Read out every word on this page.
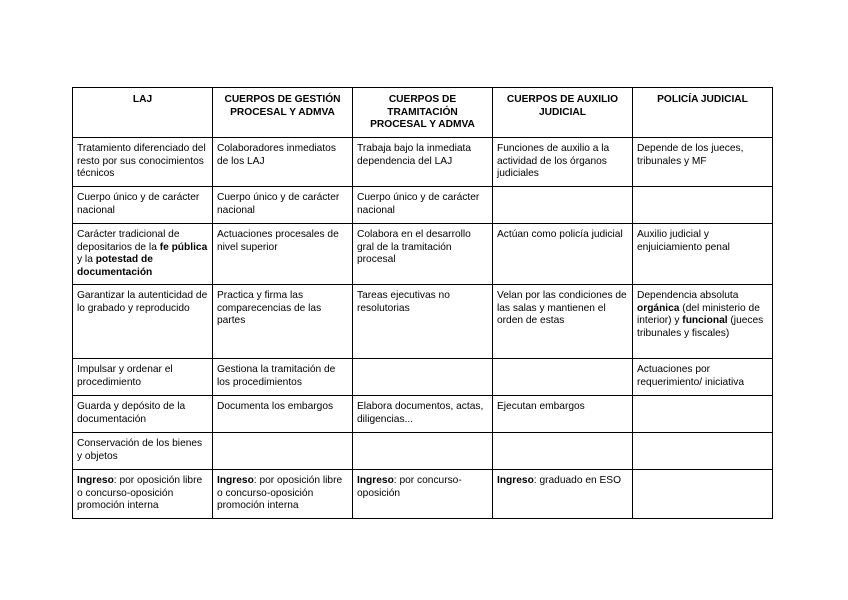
LAJ	CUERPOS DE GESTIÓN PROCESAL Y ADMVA	CUERPOS DE TRAMITACIÓN PROCESAL Y ADMVA	CUERPOS DE AUXILIO JUDICIAL	POLICÍA JUDICIAL
Tratamiento diferenciado del resto por sus conocimientos técnicos	Colaboradores inmediatos de los LAJ	Trabaja bajo la inmediata dependencia del LAJ	Funciones de auxilio a la actividad de los órganos judiciales	Depende de los jueces, tribunales y MF
Cuerpo único y de carácter nacional	Cuerpo único y de carácter nacional	Cuerpo único y de carácter nacional		
Carácter tradicional de depositarios de la fe pública y la potestad de documentación	Actuaciones procesales de nivel superior	Colabora en el desarrollo gral de la tramitación procesal	Actúan como policía judicial	Auxilio judicial y enjuiciamiento penal
Garantizar la autenticidad de lo grabado y reproducido	Practica y firma las comparecencias de las partes	Tareas ejecutivas no resolutorias	Velan por las condiciones de las salas y mantienen el orden de estas	Dependencia absoluta orgánica (del ministerio de interior) y funcional (jueces tribunales y fiscales)
Impulsar y ordenar el procedimiento	Gestiona la tramitación de los procedimientos			Actuaciones por requerimiento/ iniciativa
Guarda y depósito de la documentación	Documenta los embargos	Elabora documentos, actas, diligencias...	Ejecutan embargos	
Conservación de los bienes y objetos				
Ingreso: por oposición libre o concurso-oposición promoción interna	Ingreso: por oposición libre o concurso-oposición promoción interna	Ingreso: por concurso-oposición	Ingreso: graduado en ESO	
